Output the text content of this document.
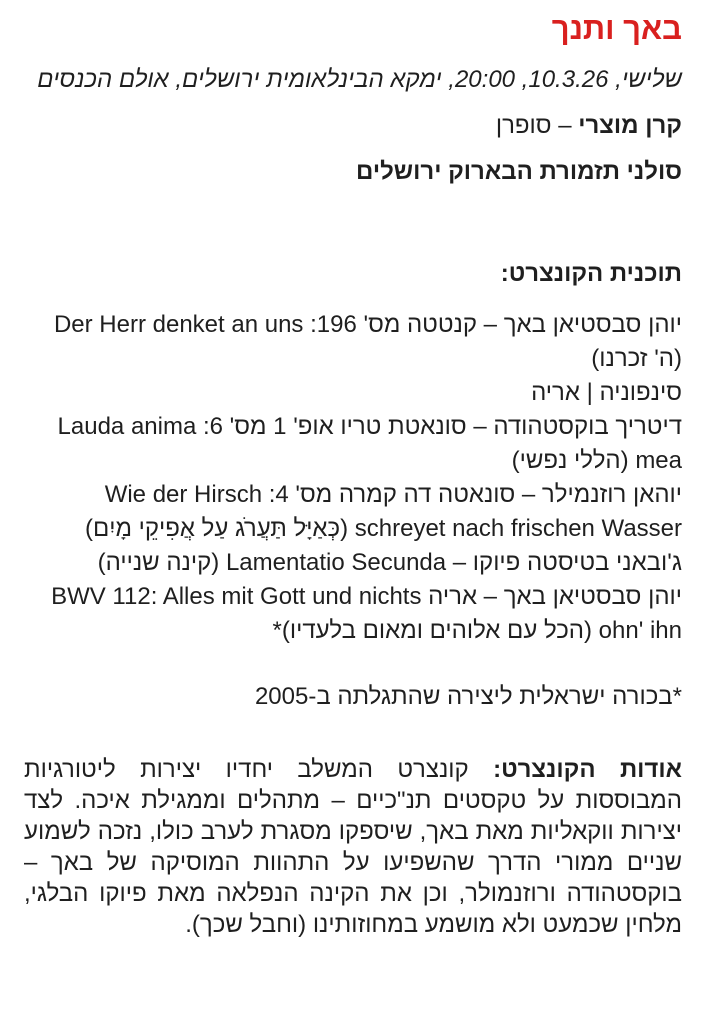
באך ותנך

שלישי, 10.3.26, 20:00, ימקא הבינלאומית ירושלים, אולם הכנסים

קרן מוצרי – סופרן

סולני תזמורת הבארוק ירושלים

תוכנית הקונצרט:

יוהן סבסטיאן באך – קנטטה מס' 196: Der Herr denket an uns (ה' זכרנו)
סינפוניה | אריה
דיטריך בוקסטהודה – סונאטת טריו אופ' 1 מס' 6: Lauda anima mea (הללי נפשי)
יוהאן רוזנמילר – סונאטה דה קמרה מס' 4: Wie der Hirsch schreyet nach frischen Wasser (כְּאַיָּל תַּעֲרֹג עַל אֲפִיקֵי מָיִם)
ג'ובאני בטיסטה פיוקו – Lamentatio Secunda (קינה שנייה)
יוהן סבסטיאן באך – אריה BWV 112: Alles mit Gott und nichts ohn' ihn (הכל עם אלוהים ומאום בלעדיו)*

*בכורה ישראלית ליצירה שהתגלתה ב-2005

אודות הקונצרט: קונצרט המשלב יחדיו יצירות ליטורגיות המבוססות על טקסטים תנ"כיים – מתהלים וממגילת איכה. לצד יצירות ווקאליות מאת באך, שיספקו מסגרת לערב כולו, נזכה לשמוע שניים ממורי הדרך שהשפיעו על התהוות המוסיקה של באך – בוקסטהודה ורוזנמולר, וכן את הקינה הנפלאה מאת פיוקו הבלגי, מלחין שכמעט ולא מושמע במחוזותינו (וחבל שכך).
